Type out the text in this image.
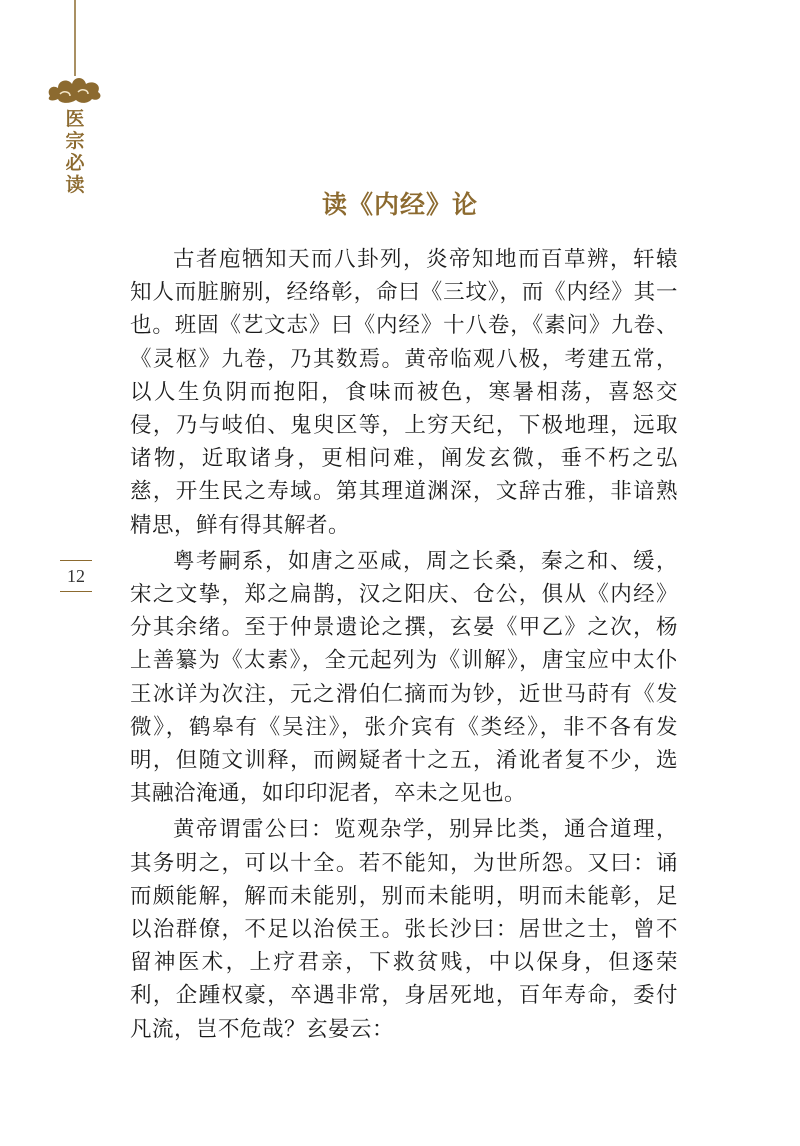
医宗必读
12
读《内经》论

古者庖牺知天而八卦列，炎帝知地而百草辨，轩辕知人而脏腑别，经络彰，命曰《三坟》，而《内经》其一也。班固《艺文志》曰《内经》十八卷，《素问》九卷、《灵枢》九卷，乃其数焉。黄帝临观八极，考建五常，以人生负阴而抱阳，食味而被色，寒暑相荡，喜怒交侵，乃与岐伯、鬼臾区等，上穷天纪，下极地理，远取诸物，近取诸身，更相问难，阐发玄微，垂不朽之弘慈，开生民之寿域。第其理道渊深，文辞古雅，非谙熟精思，鲜有得其解者。

粤考嗣系，如唐之巫咸，周之长桑，秦之和、缓，宋之文挚，郑之扁鹊，汉之阳庆、仓公，俱从《内经》分其余绪。至于仲景遗论之撰，玄晏《甲乙》之次，杨上善纂为《太素》，全元起列为《训解》，唐宝应中太仆王冰详为次注，元之滑伯仁摘而为钞，近世马莳有《发微》，鹤皋有《吴注》，张介宾有《类经》，非不各有发明，但随文训释，而阙疑者十之五，淆讹者复不少，选其融洽淹通，如印印泥者，卒未之见也。

黄帝谓雷公曰：览观杂学，别异比类，通合道理，其务明之，可以十全。若不能知，为世所怨。又曰：诵而颇能解，解而未能别，别而未能明，明而未能彰，足以治群僚，不足以治侯王。张长沙曰：居世之士，曾不留神医术，上疗君亲，下救贫贱，中以保身，但逐荣利，企踵权豪，卒遇非常，身居死地，百年寿命，委付凡流，岂不危哉？玄晏云：
